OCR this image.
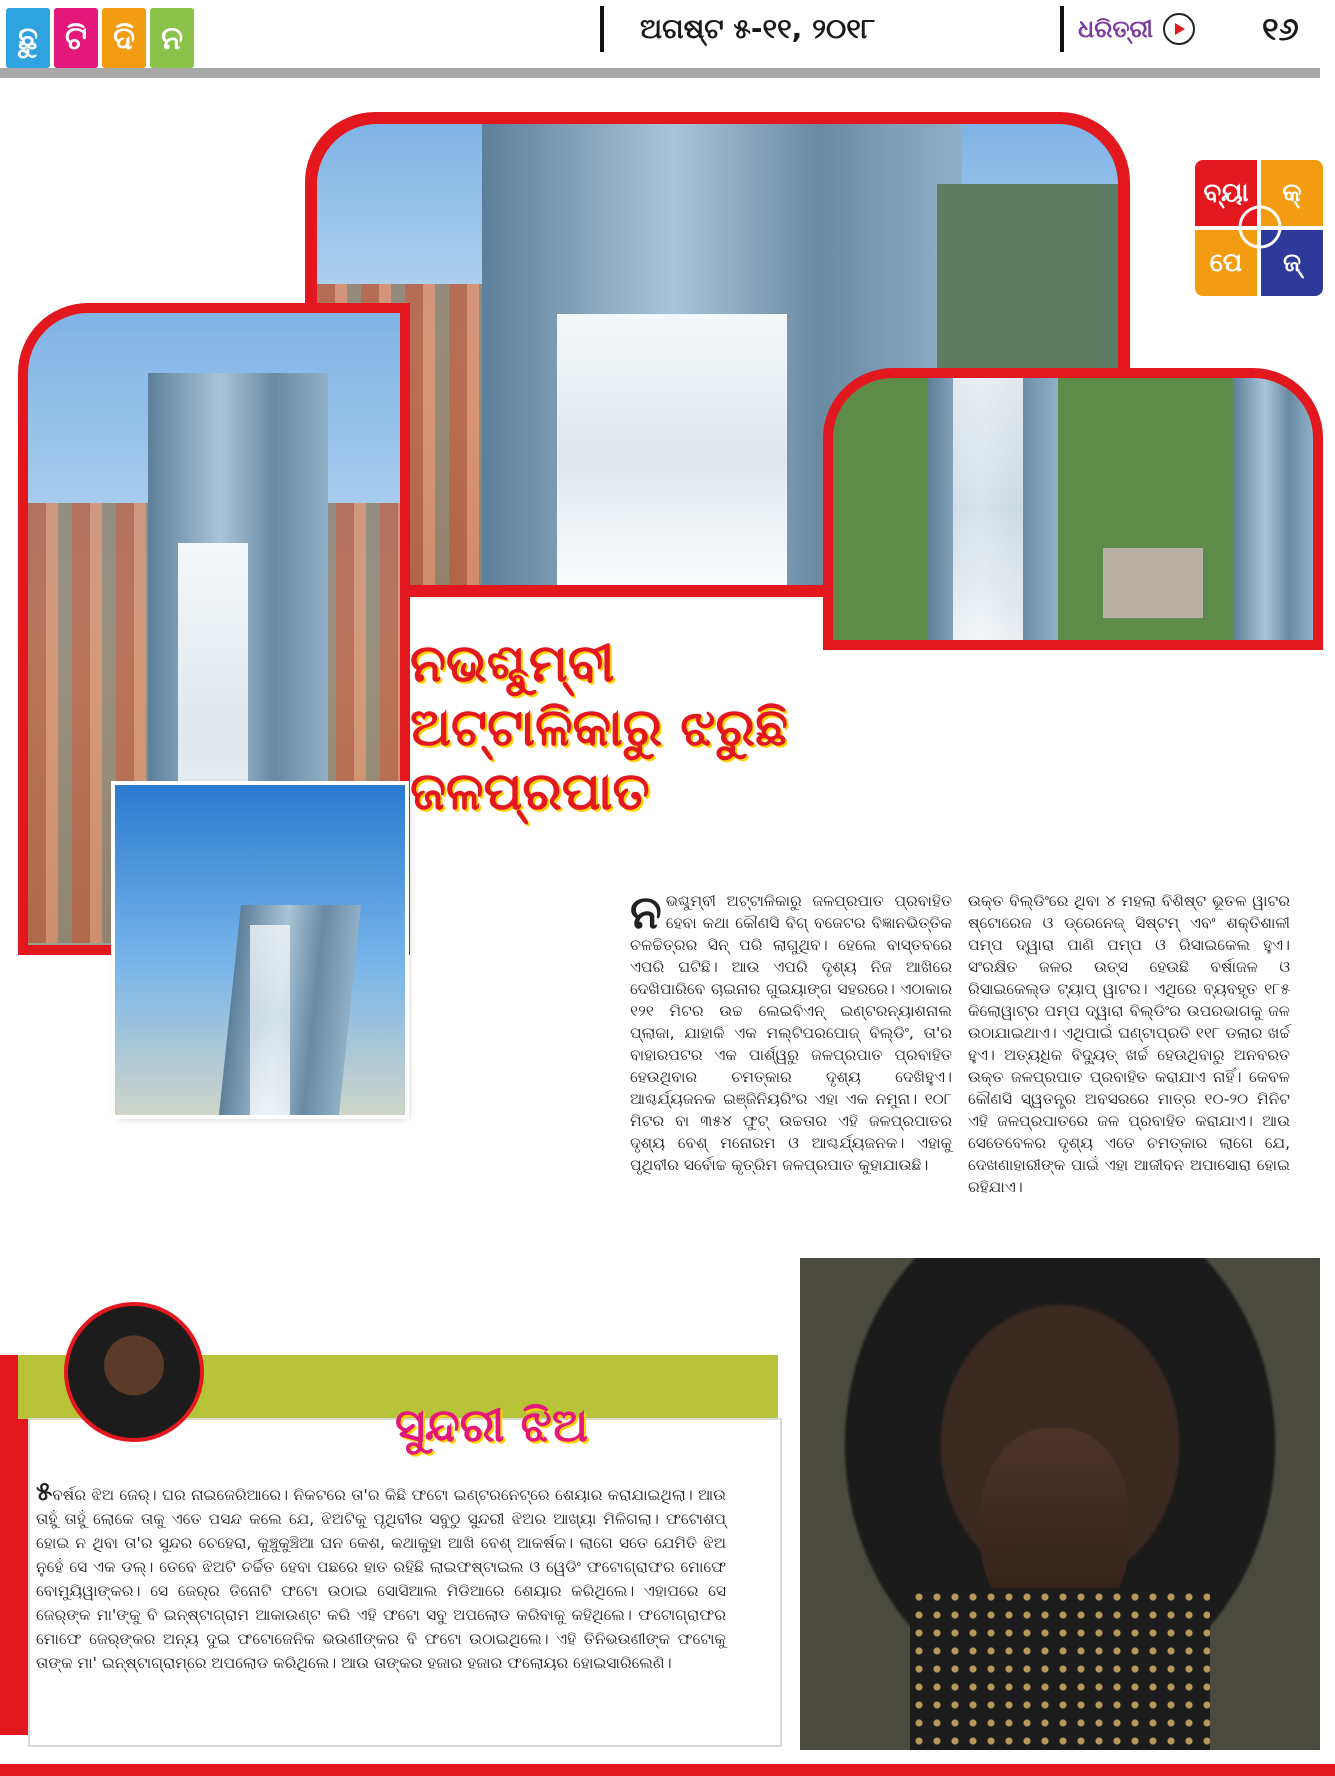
ଛୁ ଟି ଦି ନ	ଅଗଷ୍ଟ ୫-୧୧, ୨୦୧୮	ଧରିତ୍ରୀ	୧୬
ବ୍ୟା	କ୍
ପେ	ଜ୍
ନଭଶ୍ଚୁମ୍ବୀ
ଅଟ୍ଟାଳିକାରୁ ଝରୁଛି
ଜଳପ୍ରପାତ
ନଭଶ୍ଚୁମ୍ବୀ ଅଟ୍ଟାଳିକାରୁ ଜଳପ୍ରପାତ ପ୍ରବାହିତ ହେବା କଥା କୌଣସି ବିଗ୍ ବଜେଟର ବିଜ୍ଞାନଭିତ୍ତିକ ଚଳଚ୍ଚିତ୍ରର ସିନ୍ ପରି ଲାଗୁଥିବ। ହେଲେ ବାସ୍ତବରେ ଏପରି ଘଟିଛି। ଆଉ ଏପରି ଦୃଶ୍ୟ ନିଜ ଆଖିରେ ଦେଖିପାରିବେ ଚାଇନାର ଗୁଇୟାଙ୍ଗ ସହରରେ। ଏଠାକାର ୧୨୧ ମିଟର ଉଚ୍ଚ ଲେଇବିଏନ୍ ଇଣ୍ଟରନ୍ୟାଶନାଲ ପ୍ଲାଜା, ଯାହାକି ଏକ ମଲ୍ଟିପରପୋଜ୍ ବିଲ୍ଡିଂ, ତା'ର ବାହାରପଟର ଏକ ପାର୍ଶ୍ୱରୁ ଜଳପ୍ରପାତ ପ୍ରବାହିତ ହେଉଥିବାର ଚମତ୍କାର ଦୃଶ୍ୟ ଦେଖିହୁଏ। ଆଶ୍ଚର୍ଯ୍ୟଜନକ ଇଞ୍ଜିନିୟରିଂର ଏହା ଏକ ନମୁନା। ୧୦୮ ମିଟର ବା ୩୫୪ ଫୁଟ୍ ଉଚ୍ଚତାର ଏହି ଜଳପ୍ରପାତର ଦୃଶ୍ୟ ବେଶ୍ ମନୋରମ ଓ ଆଶ୍ଚର୍ଯ୍ୟଜନକ। ଏହାକୁ ପୃଥିବୀର ସର୍ବୋଚ୍ଚ କୃତ୍ରିମ ଜଳପ୍ରପାତ କୁହାଯାଉଛି।
ଉକ୍ତ ବିଲ୍ଡିଂରେ ଥିବା ୪ ମହଲା ବିଶିଷ୍ଟ ଭୂତଳ ୱାଟର ଷ୍ଟୋରେଜ ଓ ଡ୍ରେନେଜ୍ ସିଷ୍ଟମ୍ ଏବଂ ଶକ୍ତିଶାଳୀ ପମ୍ପ ଦ୍ୱାରା ପାଣି ପମ୍ପ ଓ ରିସାଇକେଲ ହୁଏ। ସଂରକ୍ଷିତ ଜଳର ଉତ୍ସ ହେଉଛି ବର୍ଷାଜଳ ଓ ରିସାଇକେଲ୍ଡ ଟ୍ୟାପ୍ ୱାଟର। ଏଥିରେ ବ୍ୟବହୃତ ୧୮୫ କିଲୋୱାଟ୍ର ପମ୍ପ ଦ୍ୱାରା ବିଲ୍ଡିଂର ଉପରଭାଗକୁ ଜଳ ଉଠାଯାଇଥାଏ। ଏଥିପାଇଁ ଘଣ୍ଟାପ୍ରତି ୧୧୮ ଡଲାର ଖର୍ଚ୍ଚ ହୁଏ। ଅତ୍ୟଧିକ ବିଦ୍ୟୁତ୍ ଖର୍ଚ୍ଚ ହେଉଥିବାରୁ ଅନବରତ ଉକ୍ତ ଜଳପ୍ରପାତ ପ୍ରବାହିତ କରାଯାଏ ନାହିଁ। କେବଳ କୌଣସି ସ୍ୱତନ୍ତ୍ର ଅବସରରେ ମାତ୍ର ୧୦-୨୦ ମିନିଟ ଏହି ଜଳପ୍ରପାତରେ ଜଳ ପ୍ରବାହିତ କରାଯାଏ। ଆଉ ସେତେବେଳର ଦୃଶ୍ୟ ଏତେ ଚମତ୍କାର ଲାଗେ ଯେ, ଦେଖଣାହାରୀଙ୍କ ପାଇଁ ଏହା ଆଜୀବନ ଅପାସୋରା ହୋଇ ରହିଯାଏ।
ସୁନ୍ଦରୀ ଝିଅ
୫ବର୍ଷର ଝିଅ ଜେର୍। ଘର ନାଇଜେରିଆରେ। ନିକଟରେ ତା'ର କିଛି ଫଟୋ ଇଣ୍ଟରନେଟ୍‌ରେ ଶେୟାର କରାଯାଇଥିଲା। ଆଉ ତାହୁଁ ତାହୁଁ ଲୋକେ ତାକୁ ଏତେ ପସନ୍ଦ କଲେ ଯେ, ଝିଅଟିକୁ ପୃଥିବୀର ସବୁଠୁ ସୁନ୍ଦରୀ ଝିଅର ଆଖ୍ୟା ମିଳିଗଲା। ଫଟୋଶପ୍ ହୋଇ ନ ଥିବା ତା'ର ସୁନ୍ଦର ଚେହେରା, କୁଞ୍ଚୁକୁଞ୍ଚିଆ ଘନ କେଶ, କଥାକୁହା ଆଖି ବେଶ୍ ଆକର୍ଷକ। ଲାଗେ ସତେ ଯେମିତି ଝିଅ ନୁହେଁ ସେ ଏକ ଡଲ୍। ତେବେ ଝିଅଟି ଚର୍ଚ୍ଚିତ ହେବା ପଛରେ ହାତ ରହିଛି ଲାଇଫଷ୍ଟାଇଲ ଓ ୱେଡିଂ ଫଟୋଗ୍ରାଫର ମୋଫେ ବୋମୁୟିୱାଙ୍କର। ସେ ଜେର୍‌ର ତିନୋଟି ଫଟୋ ଉଠାଇ ସୋସିଆଲ ମିଡିଆରେ ଶେୟାର କରିଥିଲେ। ଏହାପରେ ସେ ଜେର୍‌ଙ୍କ ମା'ଙ୍କୁ ବି ଇନ୍‌ଷ୍ଟାଗ୍ରାମ ଆକାଉଣ୍ଟ କରି ଏହି ଫଟୋ ସବୁ ଅପଲୋଡ କରିବାକୁ କହିଥିଲେ। ଫଟୋଗ୍ରାଫର ମୋଫେ ଜେର୍‌ଙ୍କର ଅନ୍ୟ ଦୁଇ ଫଟୋଜେନିକ ଭଉଣୀଙ୍କର ବି ଫଟୋ ଉଠାଇଥିଲେ। ଏହି ତିନିଭଉଣୀଙ୍କ ଫଟୋକୁ ତାଙ୍କ ମା' ଇନ୍‌ଷ୍ଟାଗ୍ରାମ୍‌ରେ ଅପଲୋଡ କରିଥିଲେ। ଆଉ ତାଙ୍କର ହଜାର ହଜାର ଫଲୋୟର ହୋଇସାରିଲେଣି।
